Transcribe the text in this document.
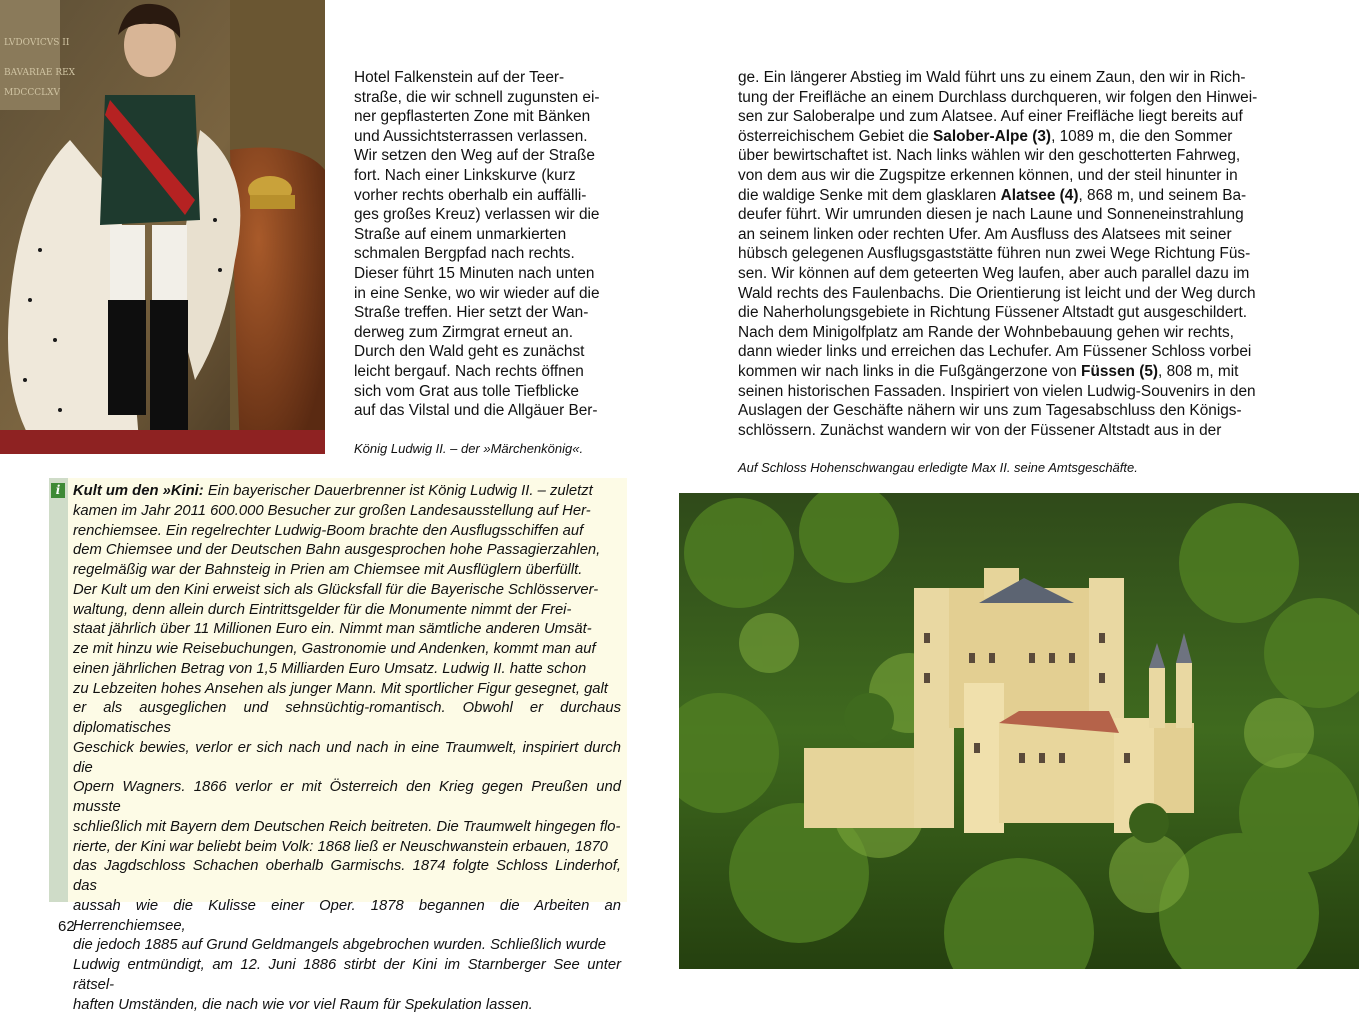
LVDOVICVS II
BAVARIAE REX
MDCCCLXV
Hotel Falkenstein auf der Teer-
straße, die wir schnell zugunsten ei-
ner gepflasterten Zone mit Bänken
und Aussichtsterrassen verlassen.
Wir setzen den Weg auf der Straße
fort. Nach einer Linkskurve (kurz
vorher rechts oberhalb ein auffälli-
ges großes Kreuz) verlassen wir die
Straße auf einem unmarkierten
schmalen Bergpfad nach rechts.
Dieser führt 15 Minuten nach unten
in eine Senke, wo wir wieder auf die
Straße treffen. Hier setzt der Wan-
derweg zum Zirmgrat erneut an.
Durch den Wald geht es zunächst
leicht bergauf. Nach rechts öffnen
sich vom Grat aus tolle Tiefblicke
auf das Vilstal und die Allgäuer Ber-
ge. Ein längerer Abstieg im Wald führt uns zu einem Zaun, den wir in Rich-
tung der Freifläche an einem Durchlass durchqueren, wir folgen den Hinwei-
sen zur Saloberalpe und zum Alatsee. Auf einer Freifläche liegt bereits auf
österreichischem Gebiet die Salober-Alpe (3), 1089 m, die den Sommer
über bewirtschaftet ist. Nach links wählen wir den geschotterten Fahrweg,
von dem aus wir die Zugspitze erkennen können, und der steil hinunter in
die waldige Senke mit dem glasklaren Alatsee (4), 868 m, und seinem Ba-
deufer führt. Wir umrunden diesen je nach Laune und Sonneneinstrahlung
an seinem linken oder rechten Ufer. Am Ausfluss des Alatsees mit seiner
hübsch gelegenen Ausflugsgaststätte führen nun zwei Wege Richtung Füs-
sen. Wir können auf dem geteerten Weg laufen, aber auch parallel dazu im
Wald rechts des Faulenbachs. Die Orientierung ist leicht und der Weg durch
die Naherholungsgebiete in Richtung Füssener Altstadt gut ausgeschildert.
Nach dem Minigolfplatz am Rande der Wohnbebauung gehen wir rechts,
dann wieder links und erreichen das Lechufer. Am Füssener Schloss vorbei
kommen wir nach links in die Fußgängerzone von Füssen (5), 808 m, mit
seinen historischen Fassaden. Inspiriert von vielen Ludwig-Souvenirs in den
Auslagen der Geschäfte nähern wir uns zum Tagesabschluss den Königs-
schlössern. Zunächst wandern wir von der Füssener Altstadt aus in der
König Ludwig II. – der »Märchenkönig«.
Auf Schloss Hohenschwangau erledigte Max II. seine Amtsgeschäfte.
i Kult um den »Kini: Ein bayerischer Dauerbrenner ist König Ludwig II. – zuletzt
kamen im Jahr 2011 600.000 Besucher zur großen Landesausstellung auf Her-
renchiemsee. Ein regelrechter Ludwig-Boom brachte den Ausflugsschiffen auf
dem Chiemsee und der Deutschen Bahn ausgesprochen hohe Passagierzahlen,
regelmäßig war der Bahnsteig in Prien am Chiemsee mit Ausflüglern überfüllt.
Der Kult um den Kini erweist sich als Glücksfall für die Bayerische Schlösserver-
waltung, denn allein durch Eintrittsgelder für die Monumente nimmt der Frei-
staat jährlich über 11 Millionen Euro ein. Nimmt man sämtliche anderen Umsät-
ze mit hinzu wie Reisebuchungen, Gastronomie und Andenken, kommt man auf
einen jährlichen Betrag von 1,5 Milliarden Euro Umsatz. Ludwig II. hatte schon
zu Lebzeiten hohes Ansehen als junger Mann. Mit sportlicher Figur gesegnet, galt
er als ausgeglichen und sehnsüchtig-romantisch. Obwohl er durchaus diplomatisches
Geschick bewies, verlor er sich nach und nach in eine Traumwelt, inspiriert durch die
Opern Wagners. 1866 verlor er mit Österreich den Krieg gegen Preußen und musste
schließlich mit Bayern dem Deutschen Reich beitreten. Die Traumwelt hingegen flo-
rierte, der Kini war beliebt beim Volk: 1868 ließ er Neuschwanstein erbauen, 1870
das Jagdschloss Schachen oberhalb Garmischs. 1874 folgte Schloss Linderhof, das
aussah wie die Kulisse einer Oper. 1878 begannen die Arbeiten an Herrenchiemsee,
die jedoch 1885 auf Grund Geldmangels abgebrochen wurden. Schließlich wurde
Ludwig entmündigt, am 12. Juni 1886 stirbt der Kini im Starnberger See unter rätsel-
haften Umständen, die nach wie vor viel Raum für Spekulation lassen.
62
